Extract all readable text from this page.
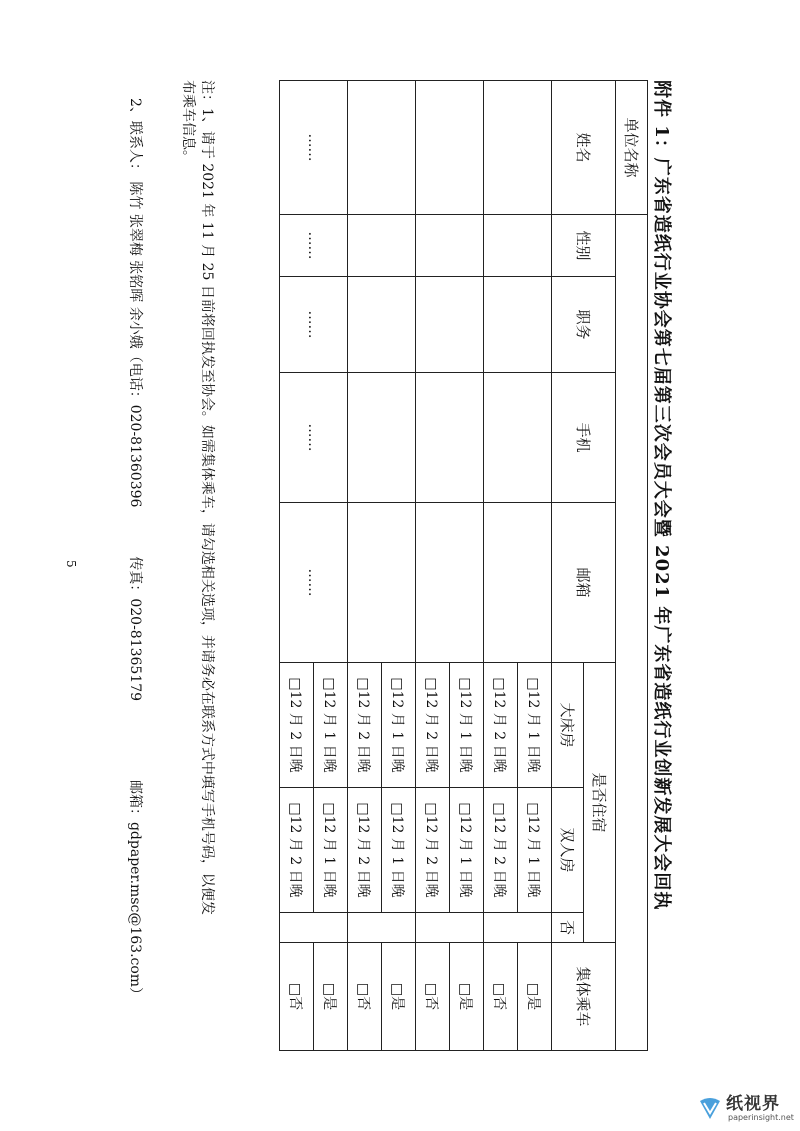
附件 1：广东省造纸行业协会第七届第三次会员大会暨 2021 年广东省造纸行业创新发展大会回执
单位名称								
姓名	性别	职务	手机	邮箱	是否住宿			集体乘车
					大床房	双人房	否	
					□12 月 1 日晚	□12 月 1 日晚		□是
					□12 月 2 日晚	□12 月 2 日晚		□否
					□12 月 1 日晚	□12 月 1 日晚		□是
					□12 月 2 日晚	□12 月 2 日晚		□否
					□12 月 1 日晚	□12 月 1 日晚		□是
					□12 月 2 日晚	□12 月 2 日晚		□否
……	……	……	……	……	□12 月 1 日晚	□12 月 1 日晚		□是
					□12 月 2 日晚	□12 月 2 日晚		□否
注：1、请于 2021 年 11 月 25 日前将回执发至协会。如需集体乘车，请勾选相关选项，并请务必在联系方式中填写手机号码，以便发
布乘车信息。
2、联系人： 陈竹 张翠梅 张铭晖 余小娥（电话：020-81360396  传真：020-81365179  邮箱：gdpaper.msc@163.com）
5
纸视界
paperinsight.net
